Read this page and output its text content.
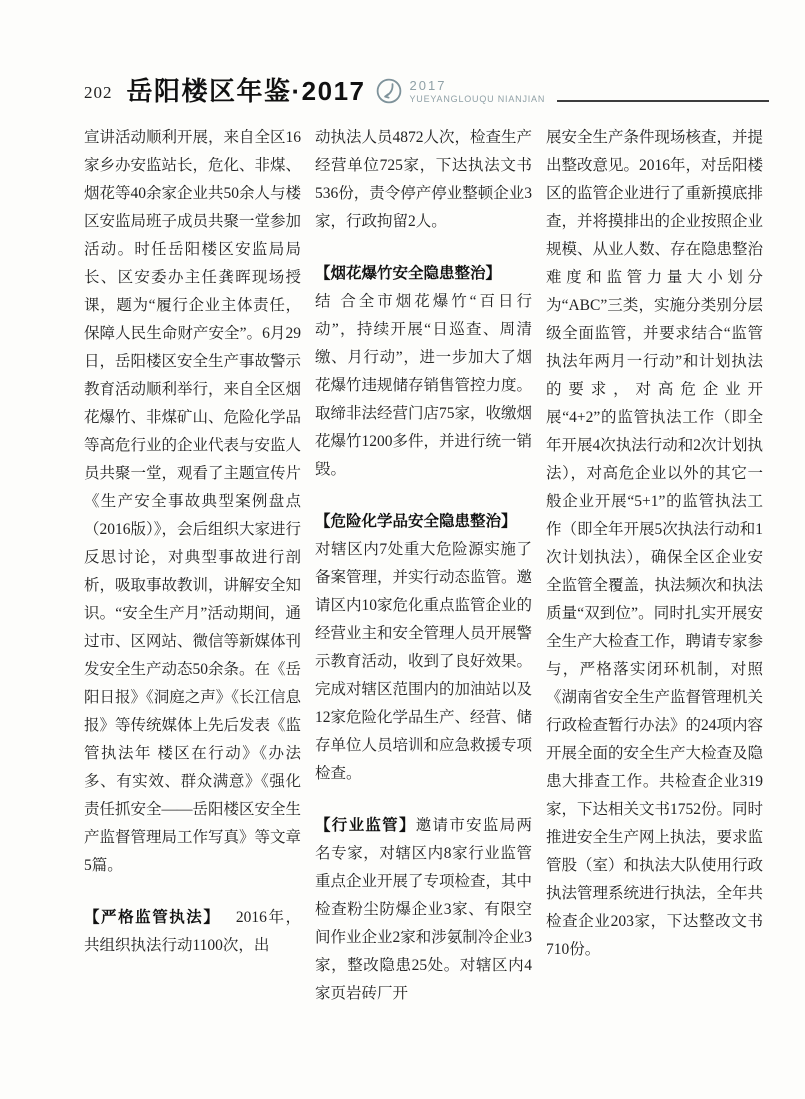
202 岳阳楼区年鉴·2017	2017
YUEYANGLOUQU NIANJIAN

宣讲活动顺利开展，来自全区16家乡办安监站长，危化、非煤、烟花等40余家企业共50余人与楼区安监局班子成员共聚一堂参加活动。时任岳阳楼区安监局局长、区安委办主任龚晖现场授课，题为“履行企业主体责任，保障人民生命财产安全”。6月29日，岳阳楼区安全生产事故警示教育活动顺利举行，来自全区烟花爆竹、非煤矿山、危险化学品等高危行业的企业代表与安监人员共聚一堂，观看了主题宣传片《生产安全事故典型案例盘点（2016版）》，会后组织大家进行反思讨论，对典型事故进行剖析，吸取事故教训，讲解安全知识。“安全生产月”活动期间，通过市、区网站、微信等新媒体刊发安全生产动态50余条。在《岳阳日报》《洞庭之声》《长江信息报》等传统媒体上先后发表《监管执法年 楼区在行动》《办法多、有实效、群众满意》《强化责任抓安全——岳阳楼区安全生产监督管理局工作写真》等文章5篇。

【严格监管执法】 2016年，共组织执法行动1100次，出

动执法人员4872人次，检查生产经营单位725家，下达执法文书536份，责令停产停业整顿企业3家，行政拘留2人。

【烟花爆竹安全隐患整治】
结 合全市烟花爆竹“百日行动”，持续开展“日巡查、周清缴、月行动”，进一步加大了烟花爆竹违规储存销售管控力度。取缔非法经营门店75家，收缴烟花爆竹1200多件，并进行统一销毁。

【危险化学品安全隐患整治】
对辖区内7处重大危险源实施了备案管理，并实行动态监管。邀请区内10家危化重点监管企业的经营业主和安全管理人员开展警示教育活动，收到了良好效果。完成对辖区范围内的加油站以及12家危险化学品生产、经营、储存单位人员培训和应急救援专项检查。

【行业监管】邀请市安监局两名专家，对辖区内8家行业监管重点企业开展了专项检查，其中检查粉尘防爆企业3家、有限空间作业企业2家和涉氨制冷企业3家，整改隐患25处。对辖区内4家页岩砖厂开

展安全生产条件现场核查，并提出整改意见。2016年，对岳阳楼区的监管企业进行了重新摸底排查，并将摸排出的企业按照企业规模、从业人数、存在隐患整治难度和监管力量大小划分为“ABC”三类，实施分类别分层级全面监管，并要求结合“监管执法年两月一行动”和计划执法的要求，对高危企业开展“4+2”的监管执法工作（即全年开展4次执法行动和2次计划执法），对高危企业以外的其它一般企业开展“5+1”的监管执法工作（即全年开展5次执法行动和1次计划执法），确保全区企业安全监管全覆盖，执法频次和执法质量“双到位”。同时扎实开展安全生产大检查工作，聘请专家参与，严格落实闭环机制，对照《湖南省安全生产监督管理机关行政检查暂行办法》的24项内容开展全面的安全生产大检查及隐患大排查工作。共检查企业319家，下达相关文书1752份。同时推进安全生产网上执法，要求监管股（室）和执法大队使用行政执法管理系统进行执法，全年共检查企业203家，下达整改文书710份。
